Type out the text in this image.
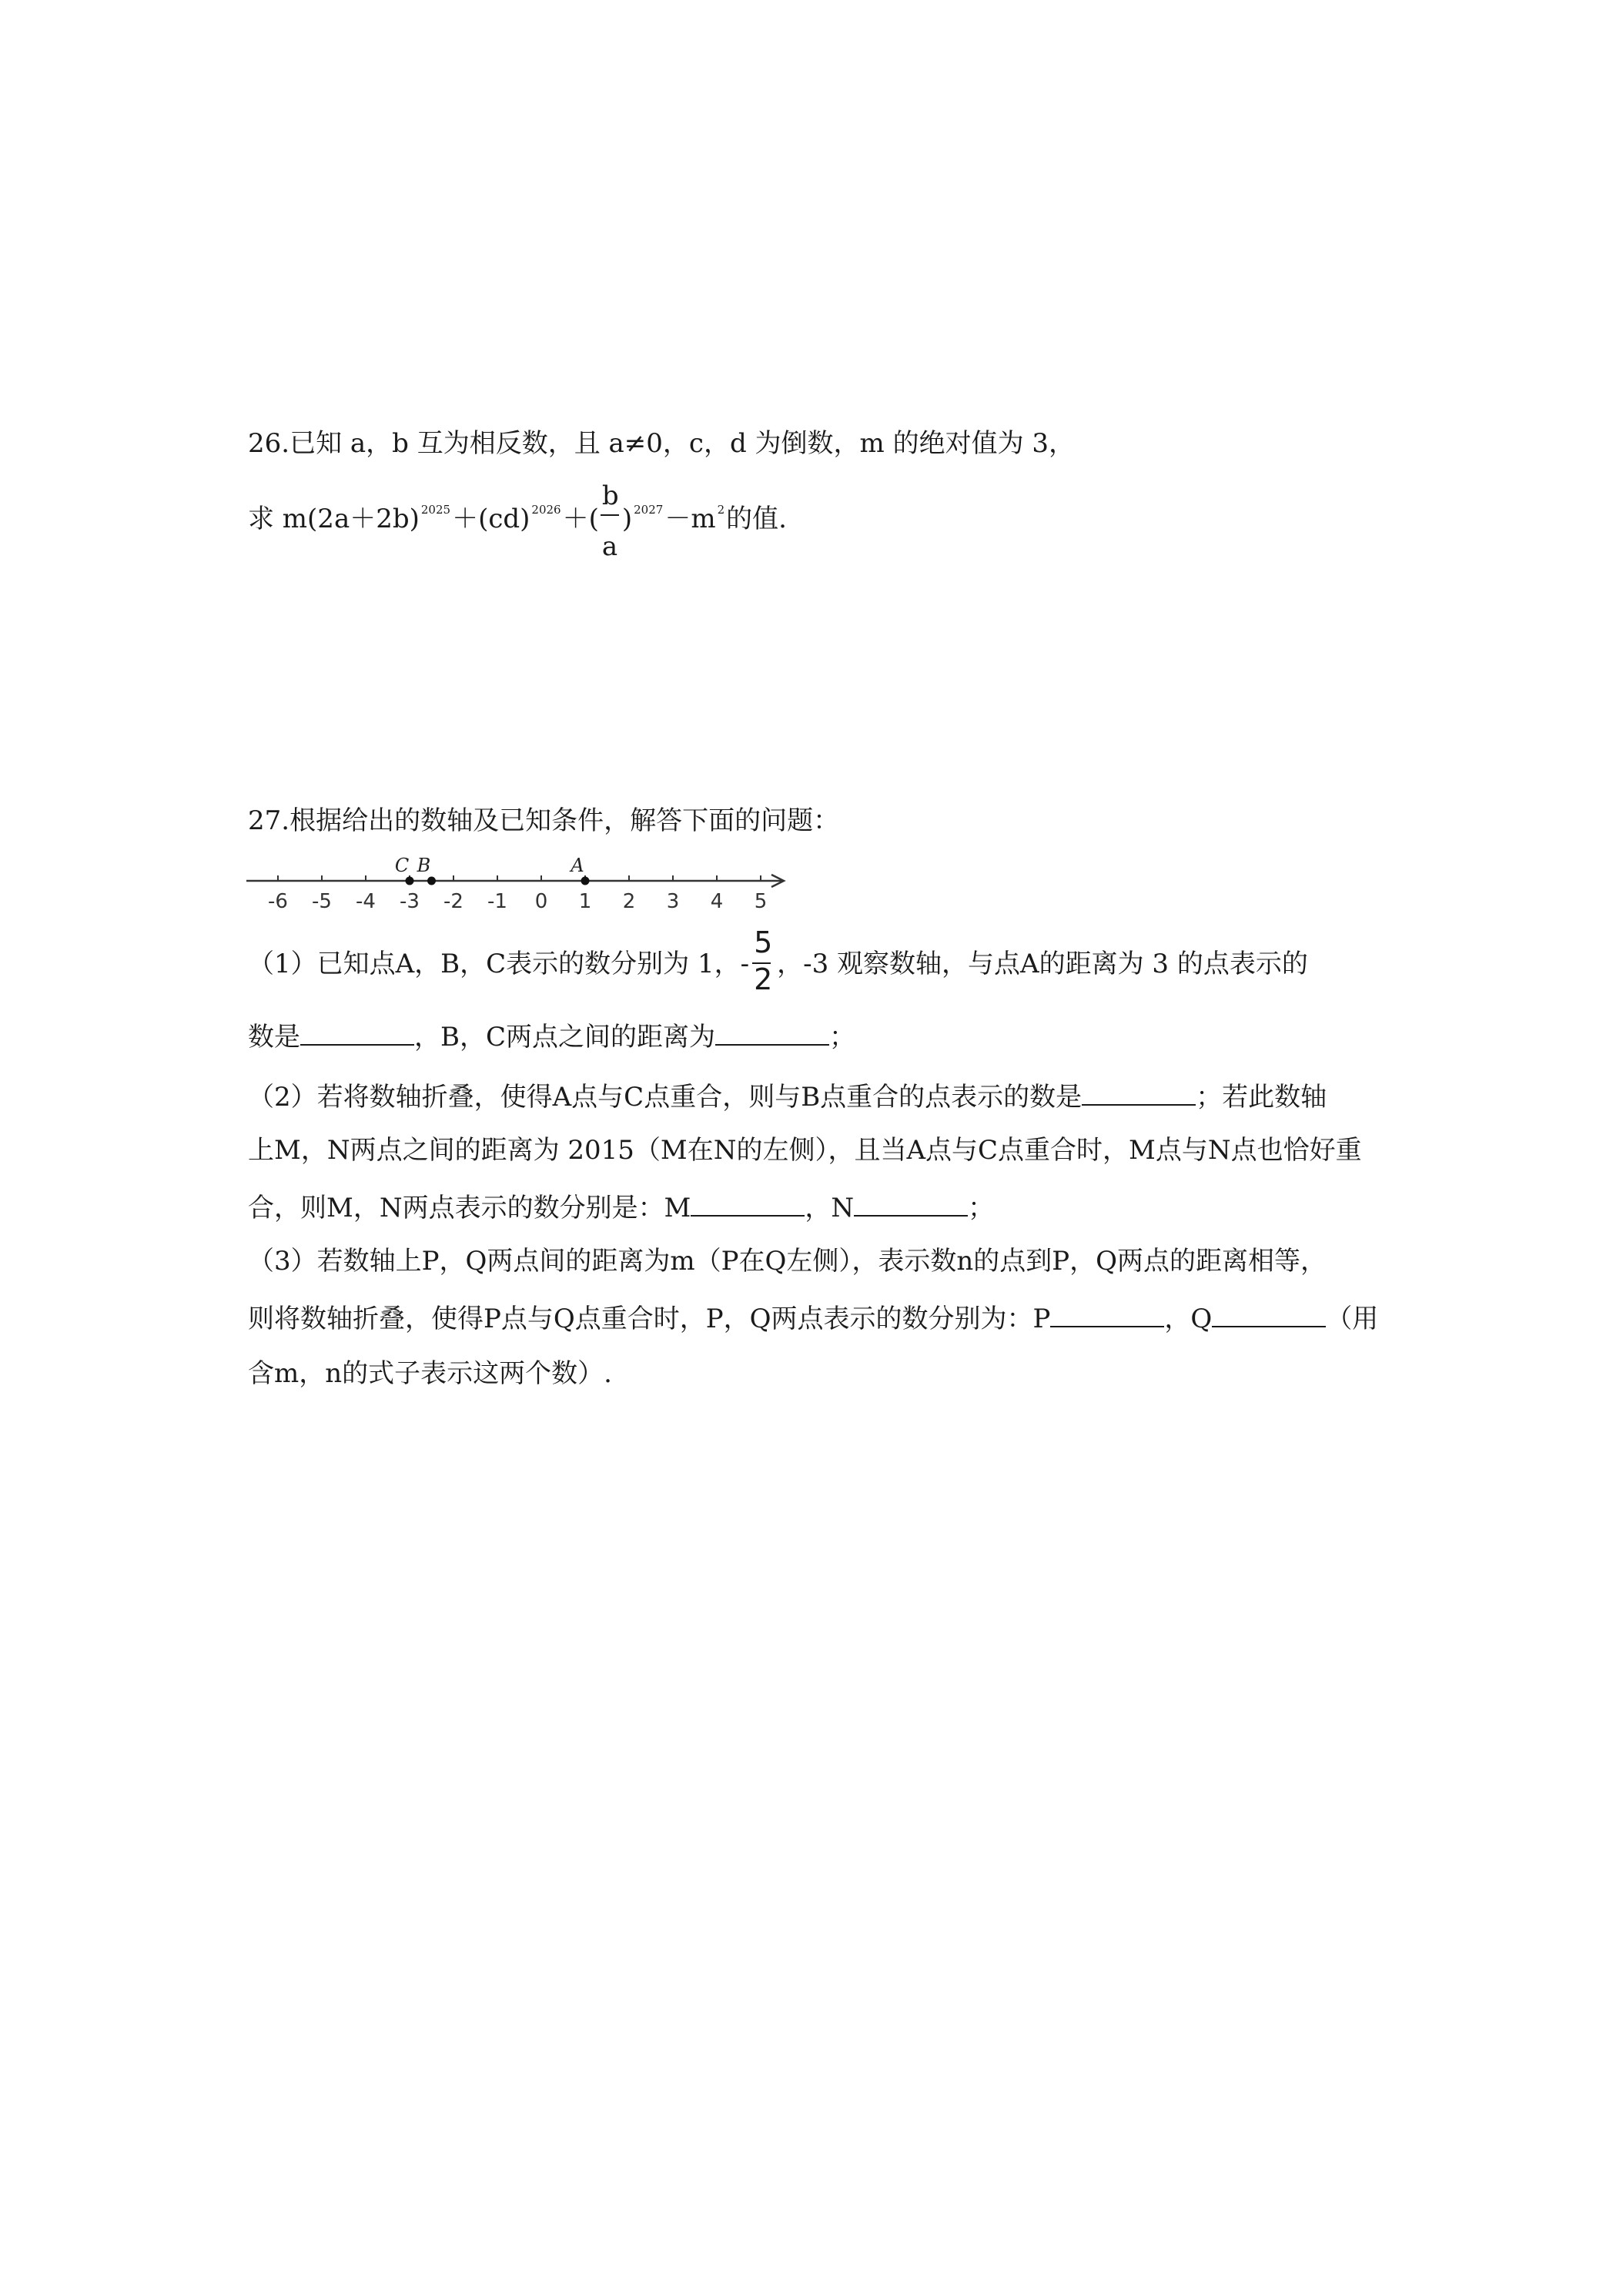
26.已知 a，b 互为相反数，且 a≠0，c，d 为倒数，m 的绝对值为 3，
求 m(2a＋2b) $^{2025}$＋(cd) $^{2026}+( \frac{b}{a}$ ) $^{2027}$－m $^2$的值.
27.根据给出的数轴及已知条件，解答下面的问题：
-6 -5 -4 -3 -2 -1 0 1 2 3 4 5
C B	A
（1）已知点A，B，C表示的数分别为 1，- $\frac{5}{2}$ ，-3 观察数轴，与点A的距离为 3 的点表示的
数是	，B，C两点之间的距离为	；
（2）若将数轴折叠，使得A点与C点重合，则与B点重合的点表示的数是	；若此数轴
上M，N两点之间的距离为 2015（M在N的左侧），且当A点与C点重合时，M点与N点也恰好重
合，则M，N两点表示的数分别是：M	，N	；
（3）若数轴上P，Q两点间的距离为m（P在Q左侧），表示数n的点到P，Q两点的距离相等，
则将数轴折叠，使得P点与Q点重合时，P，Q两点表示的数分别为：P	，Q	（用
含m，n的式子表示这两个数）.
